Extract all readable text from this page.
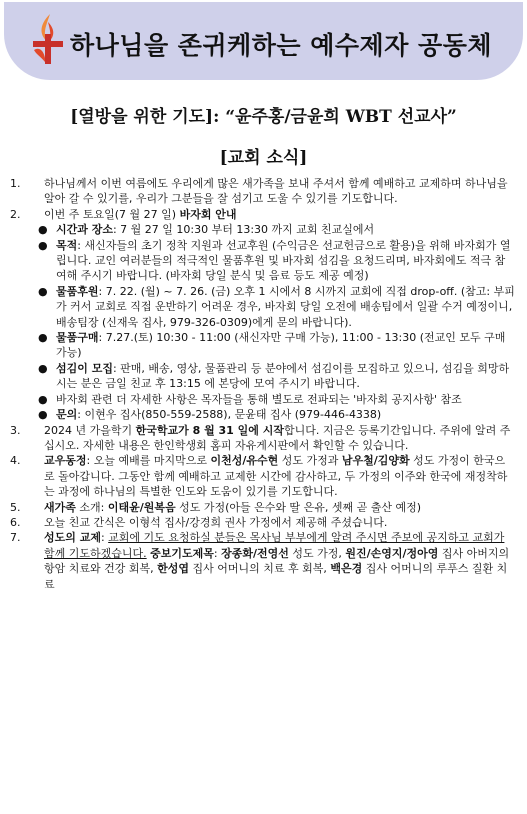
하나님을 존귀케하는 예수제자 공동체
[열방을 위한 기도]: “윤주홍/금윤희 WBT 선교사”
[교회 소식]
1. 하나님께서 이번 여름에도 우리에게 많은 새가족을 보내 주셔서 함께 예배하고 교제하며 하나님을 알아 갈 수 있기를, 우리가 그분들을 잘 섬기고 도울 수 있기를 기도합니다.
2. 이번 주 토요일(7 월 27 일) 바자회 안내
● 시간과 장소: 7 월 27 일 10:30 부터 13:30 까지 교회 친교실에서
● 목적: 새신자들의 초기 정착 지원과 선교후원 (수익금은 선교헌금으로 활용)을 위해 바자회가 열립니다. 교인 여러분들의 적극적인 물품후원 및 바자회 섬김을 요청드리며, 바자회에도 적극 참여해 주시기 바랍니다. (바자회 당일 분식 및 음료 등도 제공 예정)
● 물품후원: 7. 22. (월) ~ 7. 26. (금) 오후 1 시에서 8 시까지 교회에 직접 drop-off. (참고: 부피가 커서 교회로 직접 운반하기 어려운 경우, 바자회 당일 오전에 배송팀에서 일괄 수거 예정이니, 배송팀장 (신재욱 집사, 979-326-0309)에게 문의 바랍니다).
● 물품구매: 7.27.(토) 10:30 - 11:00 (새신자만 구매 가능), 11:00 - 13:30 (전교인 모두 구매 가능)
● 섬김이 모집: 판매, 배송, 영상, 물품관리 등 분야에서 섬김이를 모집하고 있으니, 섬김을 희망하시는 분은 금일 친교 후 13:15 에 본당에 모여 주시기 바랍니다.
● 바자회 관련 더 자세한 사항은 목자들을 통해 별도로 전파되는 '바자회 공지사항' 참조
● 문의: 이현우 집사(850-559-2588), 문윤태 집사 (979-446-4338)
3. 2024 년 가을학기 한국학교가 8 월 31 일에 시작합니다. 지금은 등록기간입니다. 주위에 알려 주십시오. 자세한 내용은 한인학생회 홈피 자유게시판에서 확인할 수 있습니다.
4. 교우동정: 오늘 예배를 마지막으로 이천성/유수현 성도 가정과 남우철/김양화 성도 가정이 한국으로 돌아갑니다. 그동안 함께 예배하고 교제한 시간에 감사하고, 두 가정의 이주와 한국에 재정착하는 과정에 하나님의 특별한 인도와 도움이 있기를 기도합니다.
5. 새가족 소개: 이태윤/원복음 성도 가정(아들 은수와 딸 은유, 셋째 곧 출산 예정)
6. 오늘 친교 간식은 이형석 집사/강경희 권사 가정에서 제공해 주셨습니다.
7. 성도의 교제: 교회에 기도 요청하실 분들은 목사님 부부에게 알려 주시면 주보에 공지하고 교회가 함께 기도하겠습니다. 중보기도제목: 장종화/전영선 성도 가정, 원진/손영지/정아영 집사 아버지의 항암 치료와 건강 회복, 한성엽 집사 어머니의 치료 후 회복, 백은경 집사 어머니의 루푸스 질환 치료
